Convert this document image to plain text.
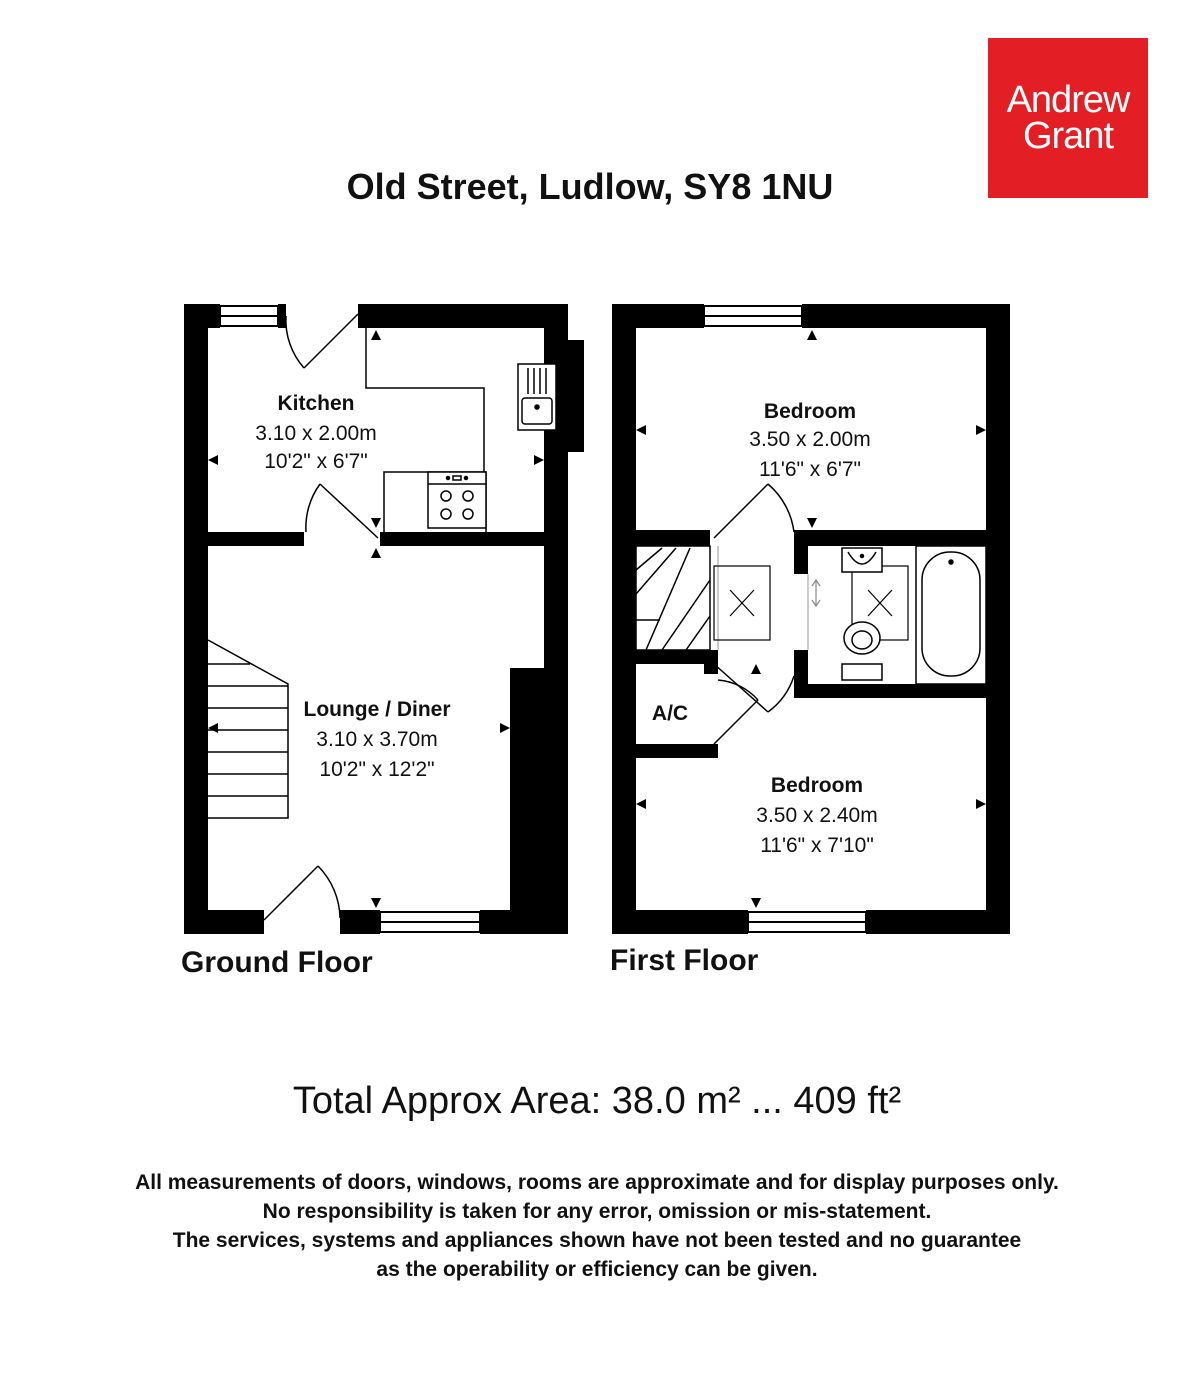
Andrew
Grant
Old Street, Ludlow, SY8 1NU
Kitchen
3.10 x 2.00m
10'2" x 6'7"
Lounge / Diner
3.10 x 3.70m
10'2" x 12'2"
Bedroom
3.50 x 2.00m
11'6" x 6'7"
Bedroom
3.50 x 2.40m
11'6" x 7'10"
A/C
Ground Floor	First Floor
Total Approx Area: 38.0 m² ... 409 ft²
All measurements of doors, windows, rooms are approximate and for display purposes only.
No responsibility is taken for any error, omission or mis-statement.
The services, systems and appliances shown have not been tested and no guarantee
as the operability or efficiency can be given.
